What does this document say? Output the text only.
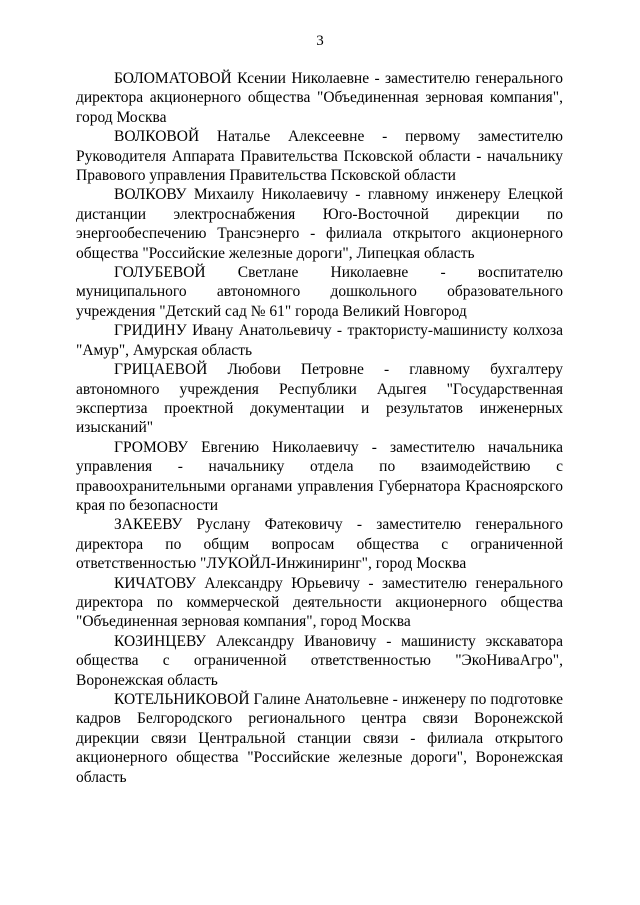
3

БОЛОМАТОВОЙ Ксении Николаевне - заместителю генерального директора акционерного общества "Объединенная зерновая компания", город Москва

ВОЛКОВОЙ Наталье Алексеевне - первому заместителю Руководителя Аппарата Правительства Псковской области - начальнику Правового управления Правительства Псковской области

ВОЛКОВУ Михаилу Николаевичу - главному инженеру Елецкой дистанции электроснабжения Юго-Восточной дирекции по энергообеспечению Трансэнерго - филиала открытого акционерного общества "Российские железные дороги", Липецкая область

ГОЛУБЕВОЙ Светлане Николаевне - воспитателю муниципального автономного дошкольного образовательного учреждения "Детский сад № 61" города Великий Новгород

ГРИДИНУ Ивану Анатольевичу - трактористу-машинисту колхоза "Амур", Амурская область

ГРИЦАЕВОЙ Любови Петровне - главному бухгалтеру автономного учреждения Республики Адыгея "Государственная экспертиза проектной документации и результатов инженерных изысканий"

ГРОМОВУ Евгению Николаевичу - заместителю начальника управления - начальнику отдела по взаимодействию с правоохранительными органами управления Губернатора Красноярского края по безопасности

ЗАКЕЕВУ Руслану Фатековичу - заместителю генерального директора по общим вопросам общества с ограниченной ответственностью "ЛУКОЙЛ-Инжиниринг", город Москва

КИЧАТОВУ Александру Юрьевичу - заместителю генерального директора по коммерческой деятельности акционерного общества "Объединенная зерновая компания", город Москва

КОЗИНЦЕВУ Александру Ивановичу - машинисту экскаватора общества с ограниченной ответственностью "ЭкоНиваАгро", Воронежская область

КОТЕЛЬНИКОВОЙ Галине Анатольевне - инженеру по подготовке кадров Белгородского регионального центра связи Воронежской дирекции связи Центральной станции связи - филиала открытого акционерного общества "Российские железные дороги", Воронежская область
